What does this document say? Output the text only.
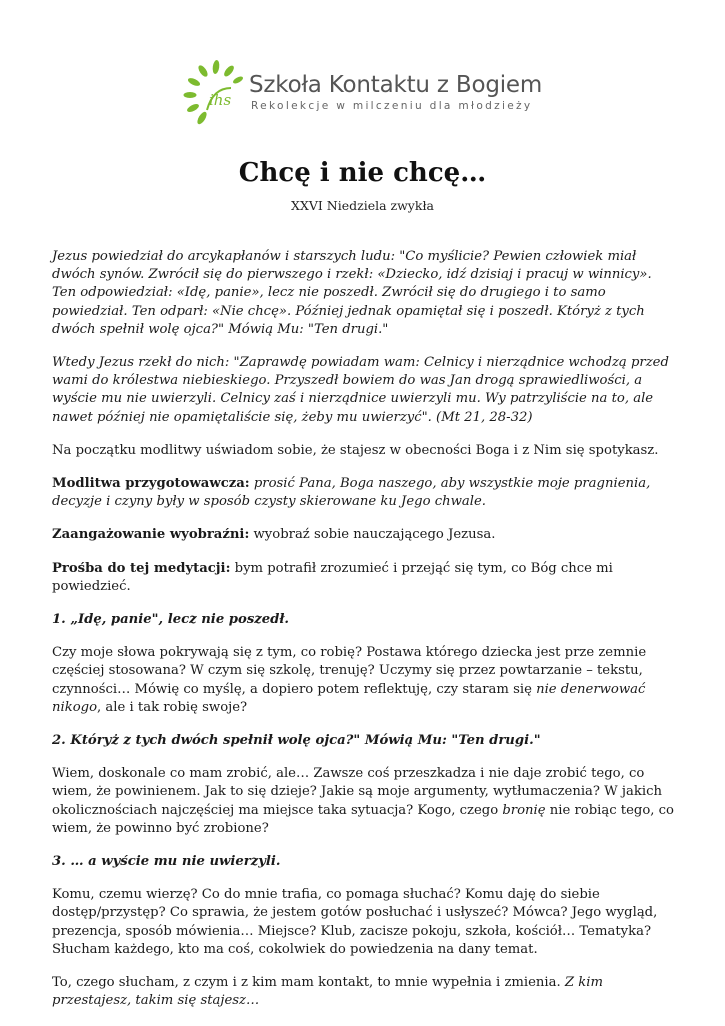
ihs
Szkoła Kontaktu z Bogiem
Rekolekcje w milczeniu dla młodzieży
Chcę i nie chcę…
XXVI Niedziela zwykła

Jezus powiedział do arcykapłanów i starszych ludu: "Co myślicie? Pewien człowiek miał dwóch synów. Zwrócił się do pierwszego i rzekł: «Dziecko, idź dzisiaj i pracuj w winnicy». Ten odpowiedział: «Idę, panie», lecz nie poszedł. Zwrócił się do drugiego i to samo powiedział. Ten odparł: «Nie chcę». Później jednak opamiętał się i poszedł. Któryż z tych dwóch spełnił wolę ojca?" Mówią Mu: "Ten drugi."

Wtedy Jezus rzekł do nich: "Zaprawdę powiadam wam: Celnicy i nierządnice wchodzą przed wami do królestwa niebieskiego. Przyszedł bowiem do was Jan drogą sprawiedliwości, a wyście mu nie uwierzyli. Celnicy zaś i nierządnice uwierzyli mu. Wy patrzyliście na to, ale nawet później nie opamiętaliście się, żeby mu uwierzyć". (Mt 21, 28-32)

Na początku modlitwy uświadom sobie, że stajesz w obecności Boga i z Nim się spotykasz.

Modlitwa przygotowawcza: prosić Pana, Boga naszego, aby wszystkie moje pragnienia, decyzje i czyny były w sposób czysty skierowane ku Jego chwale.

Zaangażowanie wyobraźni: wyobraź sobie nauczającego Jezusa.

Prośba do tej medytacji: bym potrafił zrozumieć i przejąć się tym, co Bóg chce mi powiedzieć.

1. „Idę, panie", lecz nie poszedł.

Czy moje słowa pokrywają się z tym, co robię? Postawa którego dziecka jest prze zemnie częściej stosowana? W czym się szkolę, trenuję? Uczymy się przez powtarzanie – tekstu, czynności… Mówię co myślę, a dopiero potem reflektuję, czy staram się nie denerwować nikogo, ale i tak robię swoje?

2. Któryż z tych dwóch spełnił wolę ojca?" Mówią Mu: "Ten drugi."

Wiem, doskonale co mam zrobić, ale… Zawsze coś przeszkadza i nie daje zrobić tego, co wiem, że powinienem. Jak to się dzieje? Jakie są moje argumenty, wytłumaczenia? W jakich okolicznościach najczęściej ma miejsce taka sytuacja? Kogo, czego bronię nie robiąc tego, co wiem, że powinno być zrobione?

3. … a wyście mu nie uwierzyli.

Komu, czemu wierzę? Co do mnie trafia, co pomaga słuchać? Komu daję do siebie dostęp/przystęp? Co sprawia, że jestem gotów posłuchać i usłyszeć? Mówca? Jego wygląd, prezencja, sposób mówienia… Miejsce? Klub, zacisze pokoju, szkoła, kościół… Tematyka? Słucham każdego, kto ma coś, cokolwiek do powiedzenia na dany temat.

To, czego słucham, z czym i z kim mam kontakt, to mnie wypełnia i zmienia. Z kim przestajesz, takim się stajesz…
